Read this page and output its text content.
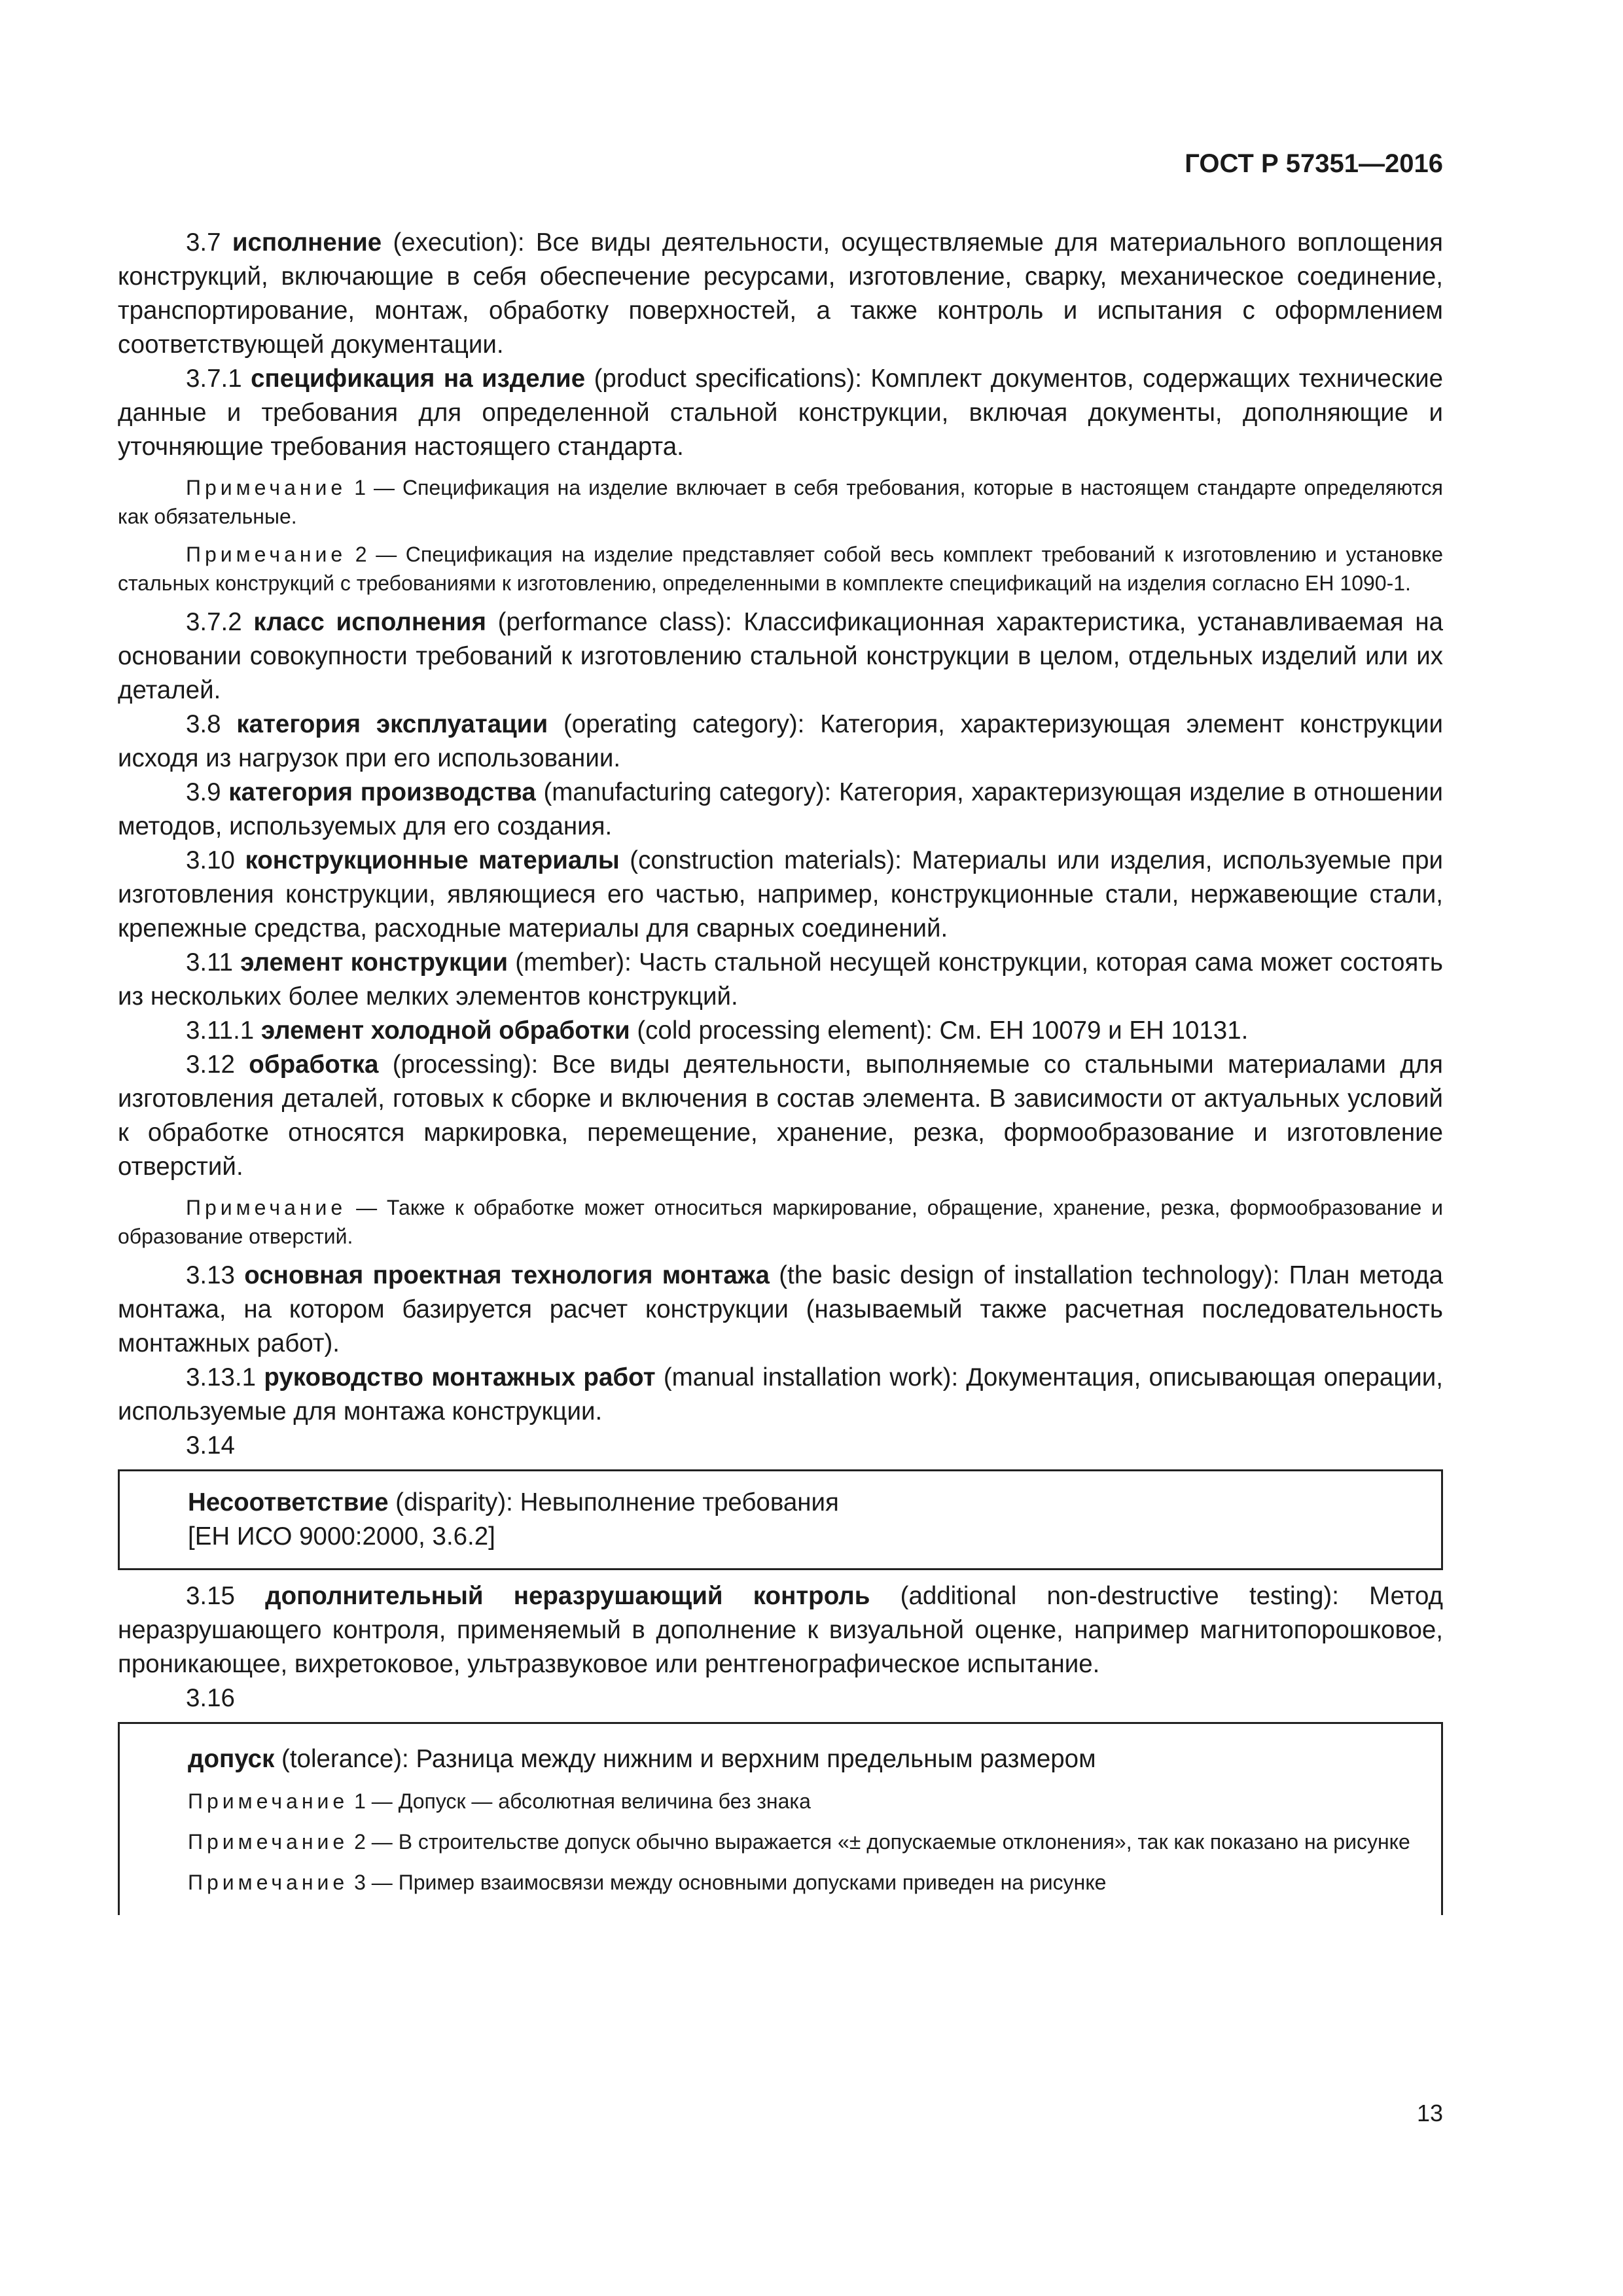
ГОСТ Р 57351—2016

3.7 исполнение (execution): Все виды деятельности, осуществляемые для материального воплощения конструкций, включающие в себя обеспечение ресурсами, изготовление, сварку, механическое соединение, транспортирование, монтаж, обработку поверхностей, а также контроль и испытания с оформлением соответствующей документации.

3.7.1 спецификация на изделие (product specifications): Комплект документов, содержащих технические данные и требования для определенной стальной конструкции, включая документы, дополняющие и уточняющие требования настоящего стандарта.

Примечание 1 — Спецификация на изделие включает в себя требования, которые в настоящем стандарте определяются как обязательные.

Примечание 2 — Спецификация на изделие представляет собой весь комплект требований к изготовлению и установке стальных конструкций с требованиями к изготовлению, определенными в комплекте спецификаций на изделия согласно ЕН 1090-1.

3.7.2 класс исполнения (performance class): Классификационная характеристика, устанавливаемая на основании совокупности требований к изготовлению стальной конструкции в целом, отдельных изделий или их деталей.

3.8 категория эксплуатации (operating category): Категория, характеризующая элемент конструкции исходя из нагрузок при его использовании.

3.9 категория производства (manufacturing category): Категория, характеризующая изделие в отношении методов, используемых для его создания.

3.10 конструкционные материалы (construction materials): Материалы или изделия, используемые при изготовления конструкции, являющиеся его частью, например, конструкционные стали, нержавеющие стали, крепежные средства, расходные материалы для сварных соединений.

3.11 элемент конструкции (member): Часть стальной несущей конструкции, которая сама может состоять из нескольких более мелких элементов конструкций.

3.11.1 элемент холодной обработки (cold processing element): См. ЕН 10079 и ЕН 10131.

3.12 обработка (processing): Все виды деятельности, выполняемые со стальными материалами для изготовления деталей, готовых к сборке и включения в состав элемента. В зависимости от актуальных условий к обработке относятся маркировка, перемещение, хранение, резка, формообразование и изготовление отверстий.

Примечание — Также к обработке может относиться маркирование, обращение, хранение, резка, формообразование и образование отверстий.

3.13 основная проектная технология монтажа (the basic design of installation technology): План метода монтажа, на котором базируется расчет конструкции (называемый также расчетная последовательность монтажных работ).

3.13.1 руководство монтажных работ (manual installation work): Документация, описывающая операции, используемые для монтажа конструкции.

3.14

Несоответствие (disparity): Невыполнение требования

[ЕН ИСО 9000:2000, 3.6.2]

3.15 дополнительный неразрушающий контроль (additional non-destructive testing): Метод неразрушающего контроля, применяемый в дополнение к визуальной оценке, например магнитопорошковое, проникающее, вихретоковое, ультразвуковое или рентгенографическое испытание.

3.16

допуск (tolerance): Разница между нижним и верхним предельным размером

Примечание 1 — Допуск — абсолютная величина без знака

Примечание 2 — В строительстве допуск обычно выражается «± допускаемые отклонения», так как показано на рисунке

Примечание 3 — Пример взаимосвязи между основными допусками приведен на рисунке

13
